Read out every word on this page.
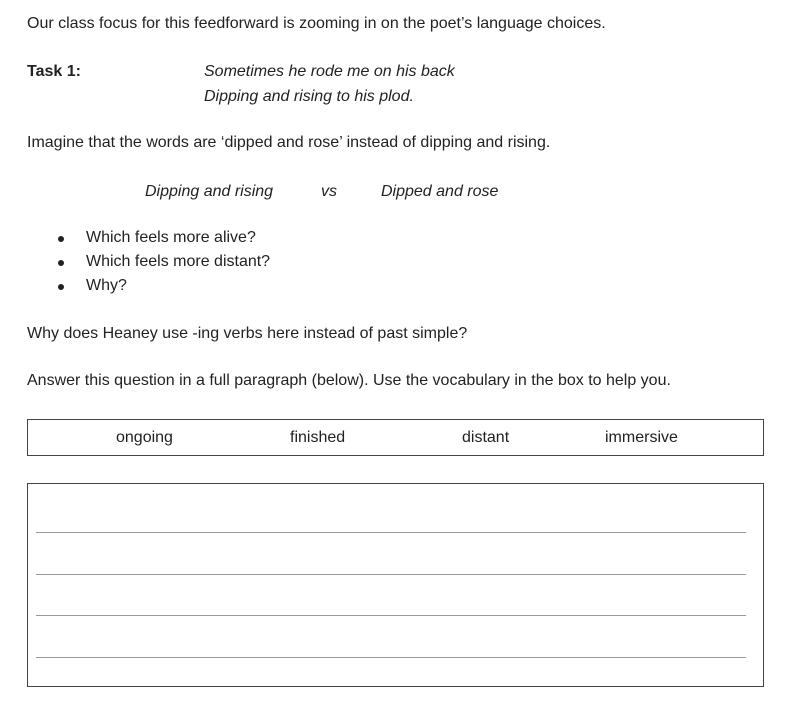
Our class focus for this feedforward is zooming in on the poet’s language choices.
Task 1:	Sometimes he rode me on his back
Dipping and rising to his plod.
Imagine that the words are ‘dipped and rose’ instead of dipping and rising.
Dipping and rising	vs	Dipped and rose
Which feels more alive?
Which feels more distant?
Why?
Why does Heaney use -ing verbs here instead of past simple?
Answer this question in a full paragraph (below). Use the vocabulary in the box to help you.
ongoing	finished	distant	immersive
